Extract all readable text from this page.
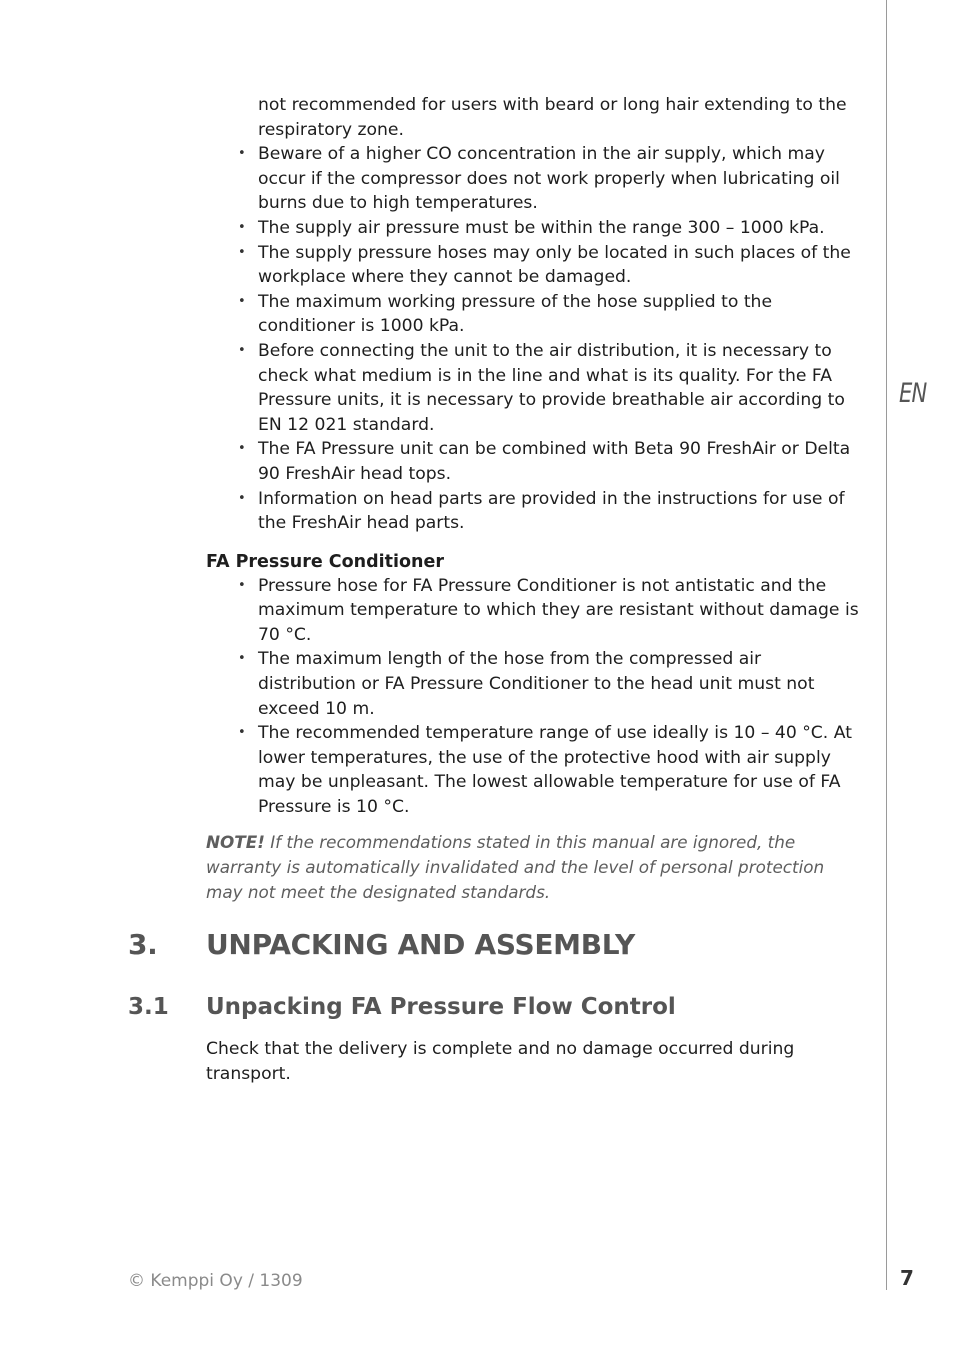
EN
7
© Kemppi Oy / 1309
not recommended for users with beard or long hair extending to the respiratory zone.
• Beware of a higher CO concentration in the air supply, which may occur if the compressor does not work properly when lubricating oil burns due to high temperatures.
• The supply air pressure must be within the range 300 – 1000 kPa.
• The supply pressure hoses may only be located in such places of the workplace where they cannot be damaged.
• The maximum working pressure of the hose supplied to the conditioner is 1000 kPa.
• Before connecting the unit to the air distribution, it is necessary to check what medium is in the line and what is its quality. For the FA Pressure units, it is necessary to provide breathable air according to EN 12 021 standard.
• The FA Pressure unit can be combined with Beta 90 FreshAir or Delta 90 FreshAir head tops.
• Information on head parts are provided in the instructions for use of the FreshAir head parts.
FA Pressure Conditioner
• Pressure hose for FA Pressure Conditioner is not antistatic and the maximum temperature to which they are resistant without damage is 70 °C.
• The maximum length of the hose from the compressed air distribution or FA Pressure Conditioner to the head unit must not exceed 10 m.
• The recommended temperature range of use ideally is 10 – 40 °C. At lower temperatures, the use of the protective hood with air supply may be unpleasant. The lowest allowable temperature for use of FA Pressure is 10 °C.
NOTE! If the recommendations stated in this manual are ignored, the warranty is automatically invalidated and the level of personal protection may not meet the designated standards.
3. UNPACKING AND ASSEMBLY
3.1 Unpacking FA Pressure Flow Control
Check that the delivery is complete and no damage occurred during transport.
